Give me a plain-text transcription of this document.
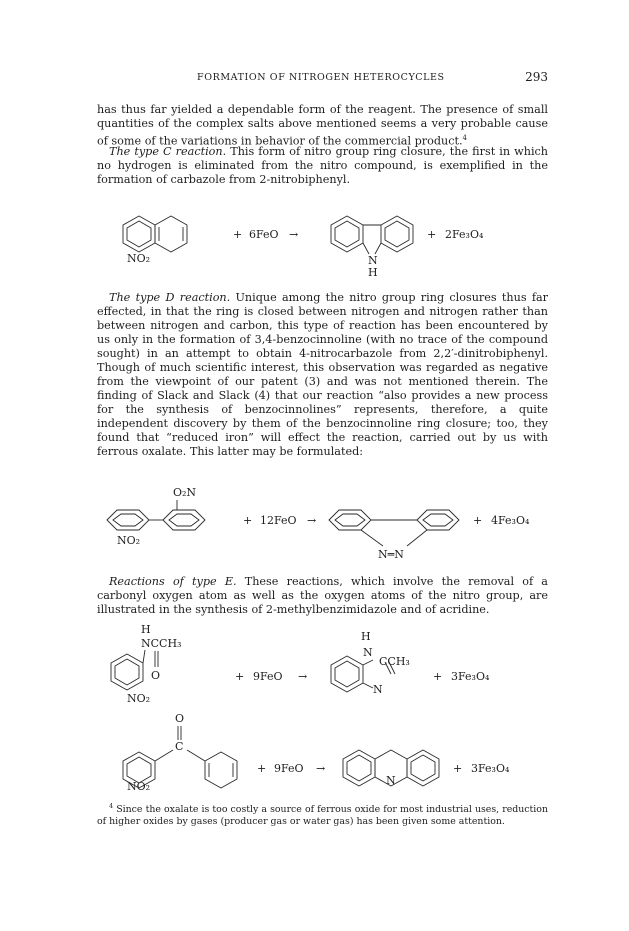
FORMATION OF NITROGEN HETEROCYCLES	293

has thus far yielded a dependable form of the reagent. The presence of small quantities of the complex salts above mentioned seems a very probable cause of some of the variations in behavior of the commercial product.$^4$

The type C reaction. This form of nitro group ring closure, the first in which no hydrogen is eliminated from the nitro compound, is exemplified in the formation of carbazole from 2-nitrobiphenyl.

NO₂
+ 6FeO →
N
H
+ 2Fe₃O₄

The type D reaction. Unique among the nitro group ring closures thus far effected, in that the ring is closed between nitrogen and nitrogen rather than between nitrogen and carbon, this type of reaction has been encountered by us only in the formation of 3,4-benzocinnoline (with no trace of the compound sought) in an attempt to obtain 4-nitrocarbazole from 2,2′-dinitrobiphenyl. Though of much scientific interest, this observation was regarded as negative from the viewpoint of our patent (3) and was not mentioned therein. The finding of Slack and Slack (4) that our reaction “also provides a new process for the synthesis of benzocinnolines” represents, therefore, a quite independent discovery by them of the benzocinnoline ring closure; too, they found that “reduced iron” will effect the reaction, carried out by us with ferrous oxalate. This latter may be formulated:

O₂N
NO₂
+ 12FeO →
N═N
+ 4Fe₃O₄

Reactions of type E. These reactions, which involve the removal of a carbonyl oxygen atom as well as the oxygen atoms of the nitro group, are illustrated in the synthesis of 2-methylbenzimidazole and of acridine.

H
NCCH₃
O
NO₂
+ 9FeO →
H
N
CCH₃
N
+ 3Fe₃O₄
O
C
NO₂
+ 9FeO →
N
+ 3Fe₃O₄

$^4$ Since the oxalate is too costly a source of ferrous oxide for most industrial uses, reduction of higher oxides by gases (producer gas or water gas) has been given some attention.
